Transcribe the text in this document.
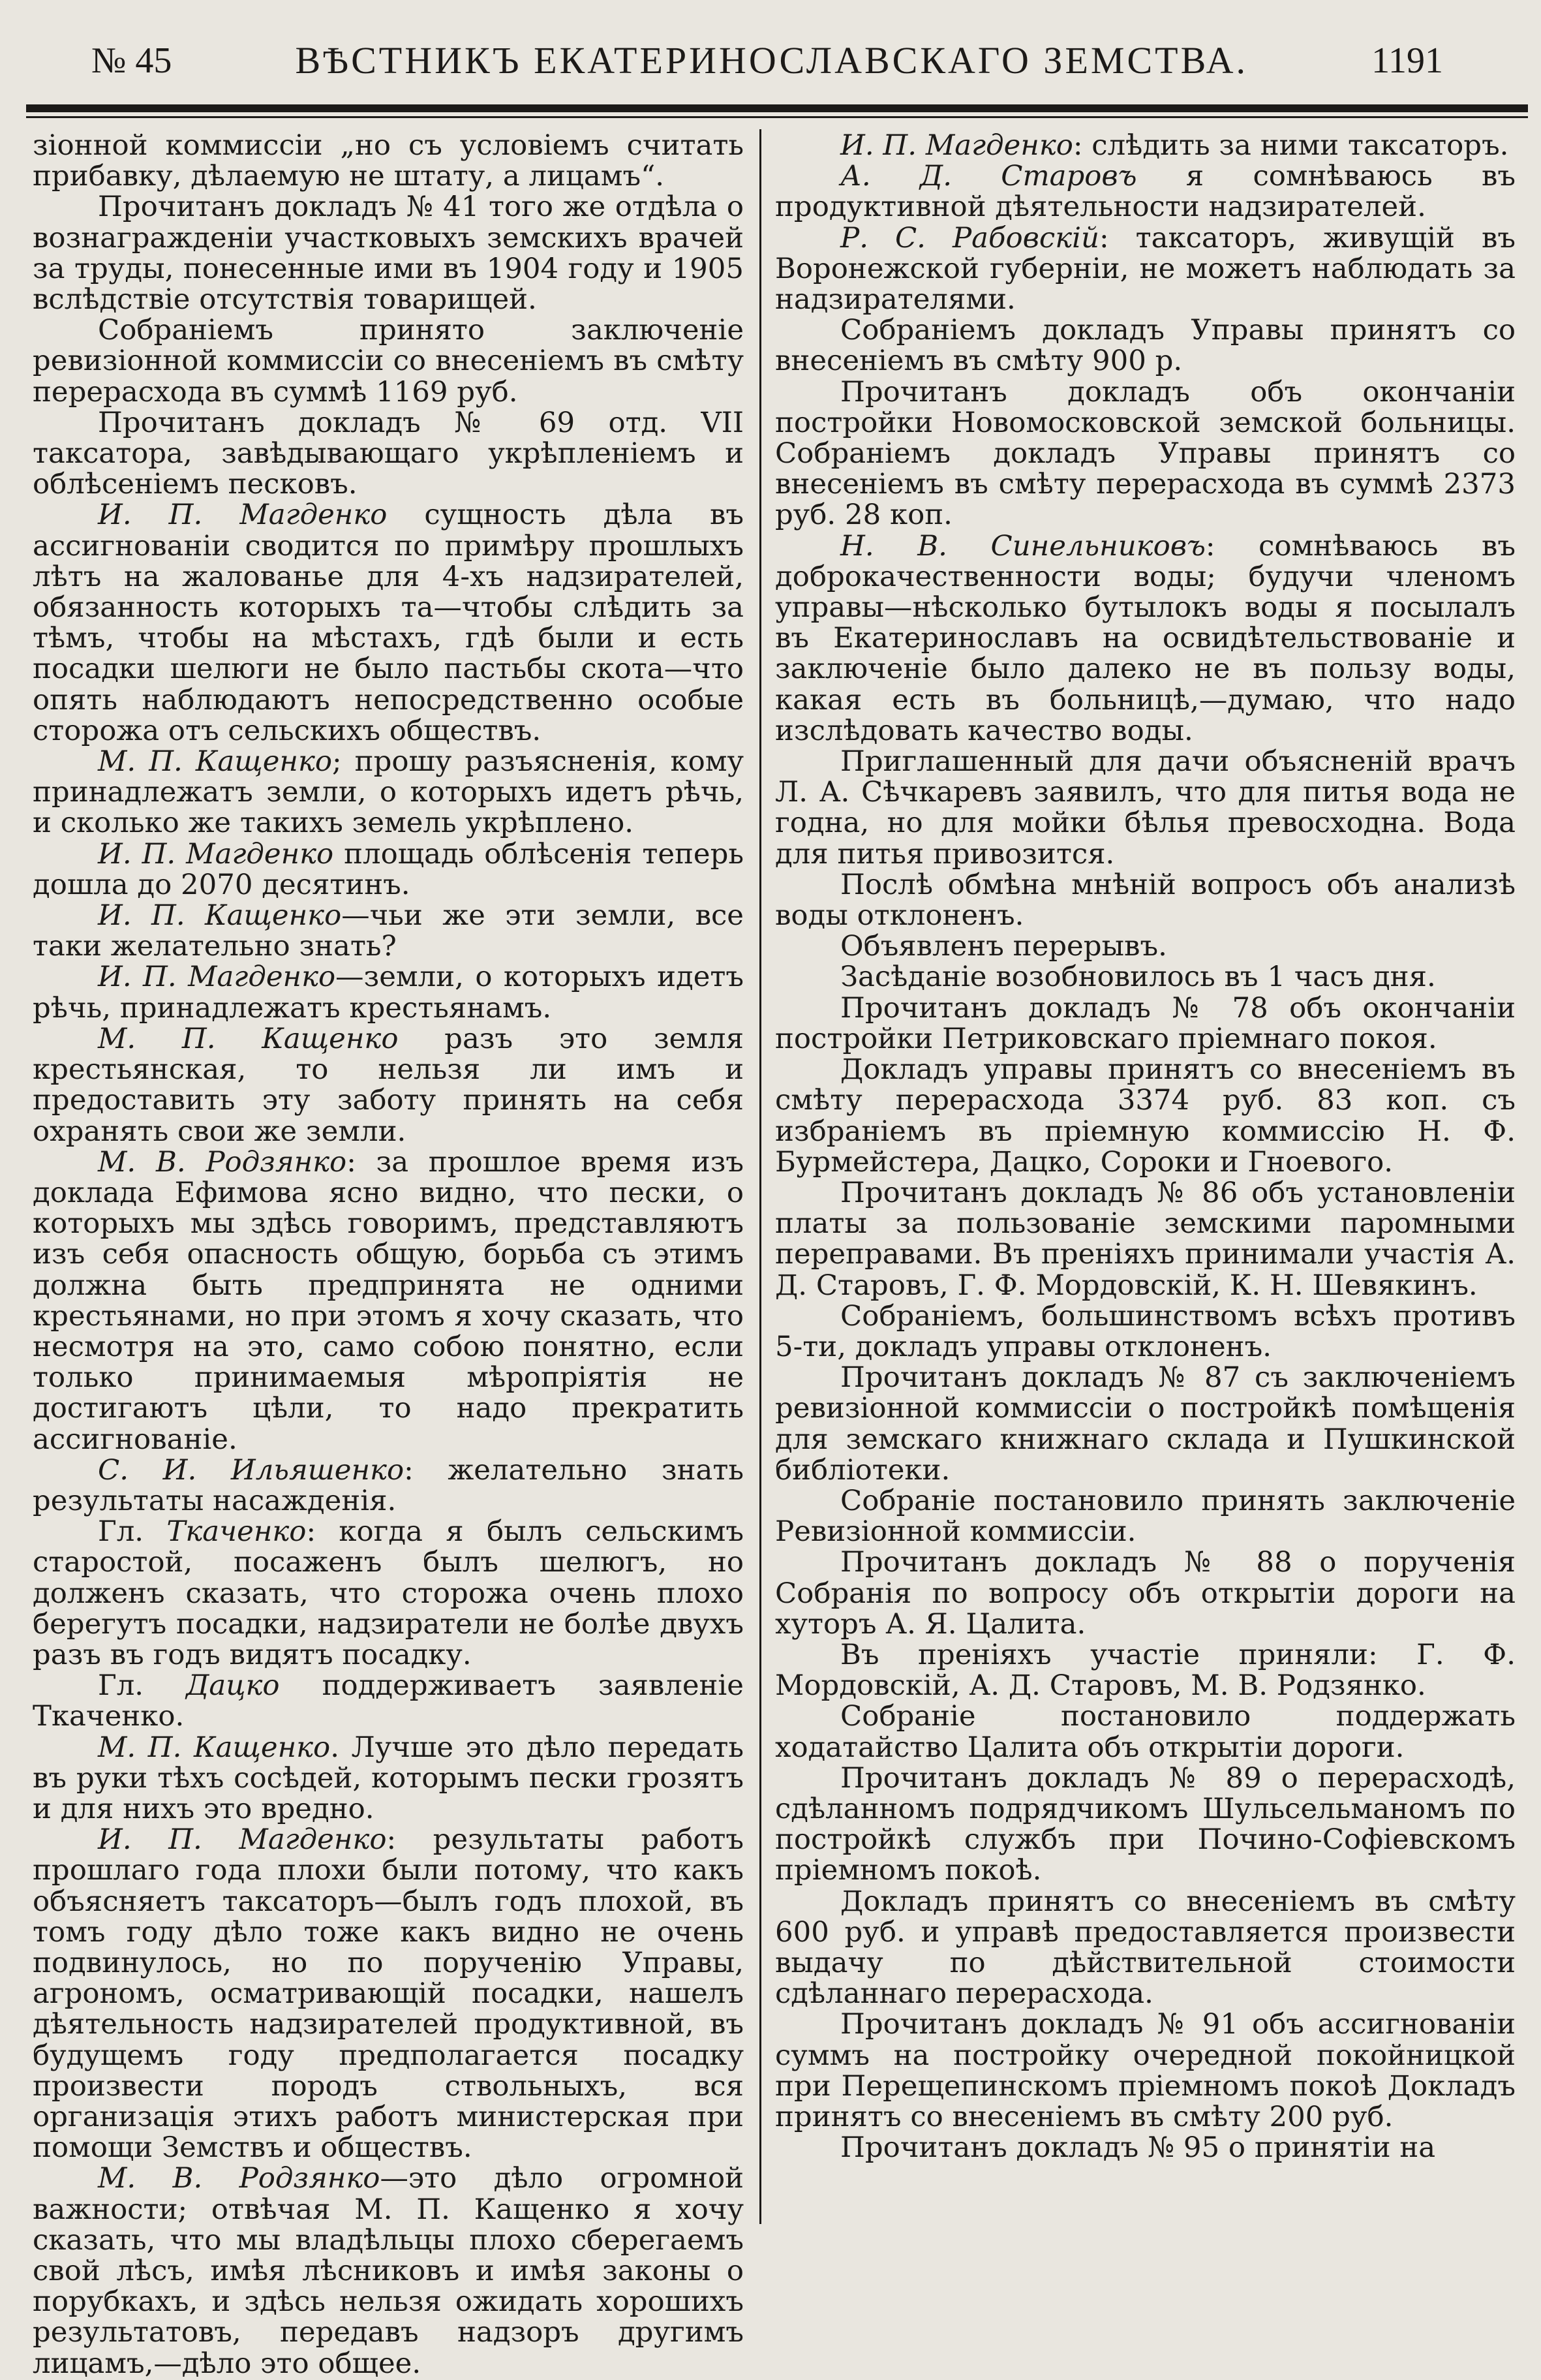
№ 45	ВѢСТНИКЪ ЕКАТЕРИНОСЛАВСКАГО ЗЕМСТВА.	1191

зіонной коммиссіи „но съ условіемъ считать прибавку, дѣлаемую не штату, а лицамъ“.

Прочитанъ докладъ № 41 того же отдѣла о вознагражденіи участковыхъ земскихъ врачей за труды, понесенные ими въ 1904 году и 1905 вслѣдствіе отсутствія товарищей.

Собраніемъ принято заключеніе ревизіонной коммиссіи со внесеніемъ въ смѣту перерасхода въ суммѣ 1169 руб.

Прочитанъ докладъ № 69 отд. VII таксатора, завѣдывающаго укрѣпленіемъ и облѣсеніемъ песковъ.

И. П. Магденко сущность дѣла въ ассигнованіи сводится по примѣру прошлыхъ лѣтъ на жалованье для 4-хъ надзирателей, обязанность которыхъ та—чтобы слѣдить за тѣмъ, чтобы на мѣстахъ, гдѣ были и есть посадки шелюги не было пастьбы скота—что опять наблюдаютъ непосредственно особые сторожа отъ сельскихъ обществъ.

М. П. Кащенко; прошу разъясненія, кому принадлежатъ земли, о которыхъ идетъ рѣчь, и сколько же такихъ земель укрѣплено.

И. П. Магденко площадь облѣсенія теперь дошла до 2070 десятинъ.

И. П. Кащенко—чьи же эти земли, все таки желательно знать?

И. П. Магденко—земли, о которыхъ идетъ рѣчь, принадлежатъ крестьянамъ.

М. П. Кащенко разъ это земля крестьянская, то нельзя ли имъ и предоставить эту заботу принять на себя охранять свои же земли.

М. В. Родзянко: за прошлое время изъ доклада Ефимова ясно видно, что пески, о которыхъ мы здѣсь говоримъ, представляютъ изъ себя опасность общую, борьба съ этимъ должна быть предпринята не одними крестьянами, но при этомъ я хочу сказать, что несмотря на это, само собою понятно, если только принимаемыя мѣропріятія не достигаютъ цѣли, то надо прекратить ассигнованіе.

С. И. Ильяшенко: желательно знать результаты насажденія.

Гл. Ткаченко: когда я былъ сельскимъ старостой, посаженъ былъ шелюгъ, но долженъ сказать, что сторожа очень плохо берегутъ посадки, надзиратели не болѣе двухъ разъ въ годъ видятъ посадку.

Гл. Дацко поддерживаетъ заявленіе Ткаченко.

М. П. Кащенко. Лучше это дѣло передать въ руки тѣхъ сосѣдей, которымъ пески грозятъ и для нихъ это вредно.

И. П. Магденко: результаты работъ прошлаго года плохи были потому, что какъ объясняетъ таксаторъ—былъ годъ плохой, въ томъ году дѣло тоже какъ видно не очень подвинулось, но по порученію Управы, агрономъ, осматривающій посадки, нашелъ дѣятельность надзирателей продуктивной, въ будущемъ году предполагается посадку произвести породъ ствольныхъ, вся организація этихъ работъ министерская при помощи Земствъ и обществъ.

М. В. Родзянко—это дѣло огромной важности; отвѣчая М. П. Кащенко я хочу сказать, что мы владѣльцы плохо сберегаемъ свой лѣсъ, имѣя лѣсниковъ и имѣя законы о порубкахъ, и здѣсь нельзя ожидать хорошихъ результатовъ, передавъ надзоръ другимъ лицамъ,—дѣло это общее.

И. П. Магденко: слѣдить за ними таксаторъ.

А. Д. Старовъ я сомнѣваюсь въ продуктивной дѣятельности надзирателей.

Р. С. Рабовскій: таксаторъ, живущій въ Воронежской губерніи, не можетъ наблюдать за надзирателями.

Собраніемъ докладъ Управы принятъ со внесеніемъ въ смѣту 900 р.

Прочитанъ докладъ объ окончаніи постройки Новомосковской земской больницы. Собраніемъ докладъ Управы принятъ со внесеніемъ въ смѣту перерасхода въ суммѣ 2373 руб. 28 коп.

Н. В. Синельниковъ: сомнѣваюсь въ доброкачественности воды; будучи членомъ управы—нѣсколько бутылокъ воды я посылалъ въ Екатеринославъ на освидѣтельствованіе и заключеніе было далеко не въ пользу воды, какая есть въ больницѣ,—думаю, что надо изслѣдовать качество воды.

Приглашенный для дачи объясненій врачъ Л. А. Сѣчкаревъ заявилъ, что для питья вода не годна, но для мойки бѣлья превосходна. Вода для питья привозится.

Послѣ обмѣна мнѣній вопросъ объ анализѣ воды отклоненъ.

Объявленъ перерывъ.

Засѣданіе возобновилось въ 1 часъ дня.

Прочитанъ докладъ № 78 объ окончаніи постройки Петриковскаго пріемнаго покоя.

Докладъ управы принятъ со внесеніемъ въ смѣту перерасхода 3374 руб. 83 коп. съ избраніемъ въ пріемную коммиссію Н. Ф. Бурмейстера, Дацко, Сороки и Гноевого.

Прочитанъ докладъ № 86 объ установленіи платы за пользованіе земскими паромными переправами. Въ преніяхъ принимали участія А. Д. Старовъ, Г. Ф. Мордовскій, К. Н. Шевякинъ.

Собраніемъ, большинствомъ всѣхъ противъ 5-ти, докладъ управы отклоненъ.

Прочитанъ докладъ № 87 съ заключеніемъ ревизіонной коммиссіи о постройкѣ помѣщенія для земскаго книжнаго склада и Пушкинской библіотеки.

Собраніе постановило принять заключеніе Ревизіонной коммиссіи.

Прочитанъ докладъ № 88 о порученія Собранія по вопросу объ открытіи дороги на хуторъ А. Я. Цалита.

Въ преніяхъ участіе приняли: Г. Ф. Мордовскій, А. Д. Старовъ, М. В. Родзянко.

Собраніе постановило поддержать ходатайство Цалита объ открытіи дороги.

Прочитанъ докладъ № 89 о перерасходѣ, сдѣланномъ подрядчикомъ Шульсельманомъ по постройкѣ службъ при Почино-Софіевскомъ пріемномъ покоѣ.

Докладъ принятъ со внесеніемъ въ смѣту 600 руб. и управѣ предоставляется произвести выдачу по дѣйствительной стоимости сдѣланнаго перерасхода.

Прочитанъ докладъ № 91 объ ассигнованіи суммъ на постройку очередной покойницкой при Перещепинскомъ пріемномъ покоѣ Докладъ принятъ со внесеніемъ въ смѣту 200 руб.

Прочитанъ докладъ № 95 о принятіи на
